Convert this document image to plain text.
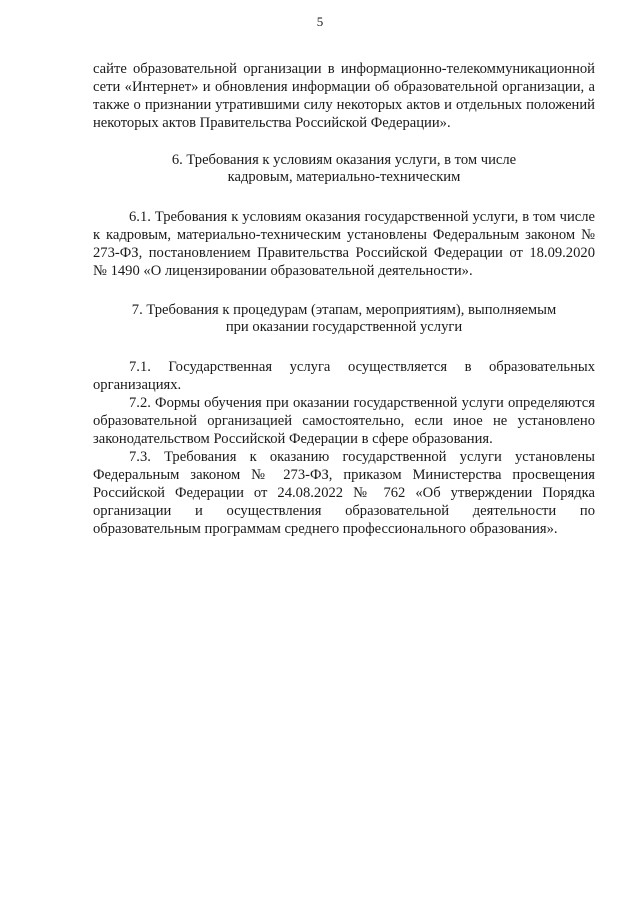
5

сайте образовательной организации в информационно-телекоммуникационной сети «Интернет» и обновления информации об образовательной организации, а также о признании утратившими силу некоторых актов и отдельных положений некоторых актов Правительства Российской Федерации».

6. Требования к условиям оказания услуги, в том числе
кадровым, материально-техническим

6.1. Требования к условиям оказания государственной услуги, в том числе к кадровым, материально-техническим установлены Федеральным законом № 273-ФЗ, постановлением Правительства Российской Федерации от 18.09.2020 № 1490 «О лицензировании образовательной деятельности».

7. Требования к процедурам (этапам, мероприятиям), выполняемым
при оказании государственной услуги

7.1. Государственная услуга осуществляется в образовательных организациях.

7.2. Формы обучения при оказании государственной услуги определяются образовательной организацией самостоятельно, если иное не установлено законодательством Российской Федерации в сфере образования.

7.3. Требования к оказанию государственной услуги установлены Федеральным законом № 273-ФЗ, приказом Министерства просвещения Российской Федерации от 24.08.2022 № 762 «Об утверждении Порядка организации и осуществления образовательной деятельности по образовательным программам среднего профессионального образования».
